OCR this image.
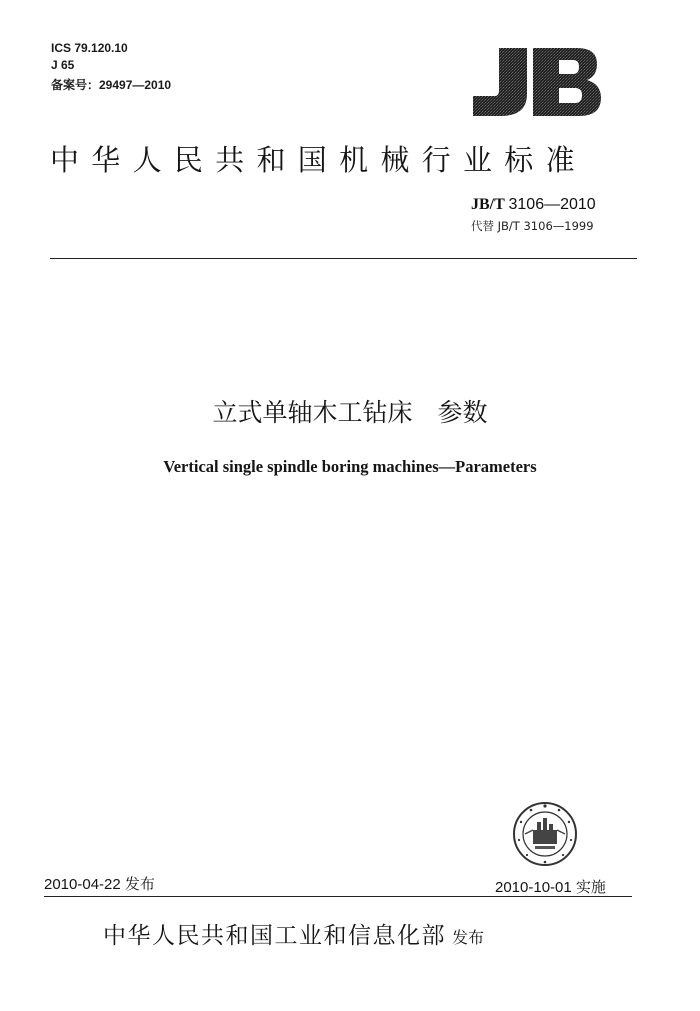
ICS 79.120.10
J 65
备案号：29497—2010
中华人民共和国机械行业标准
JB/T 3106—2010
代替 JB/T 3106—1999
立式单轴木工钻床　参数
Vertical single spindle boring machines—Parameters
2010-04-22 发布	2010-10-01 实施
中华人民共和国工业和信息化部 发布
